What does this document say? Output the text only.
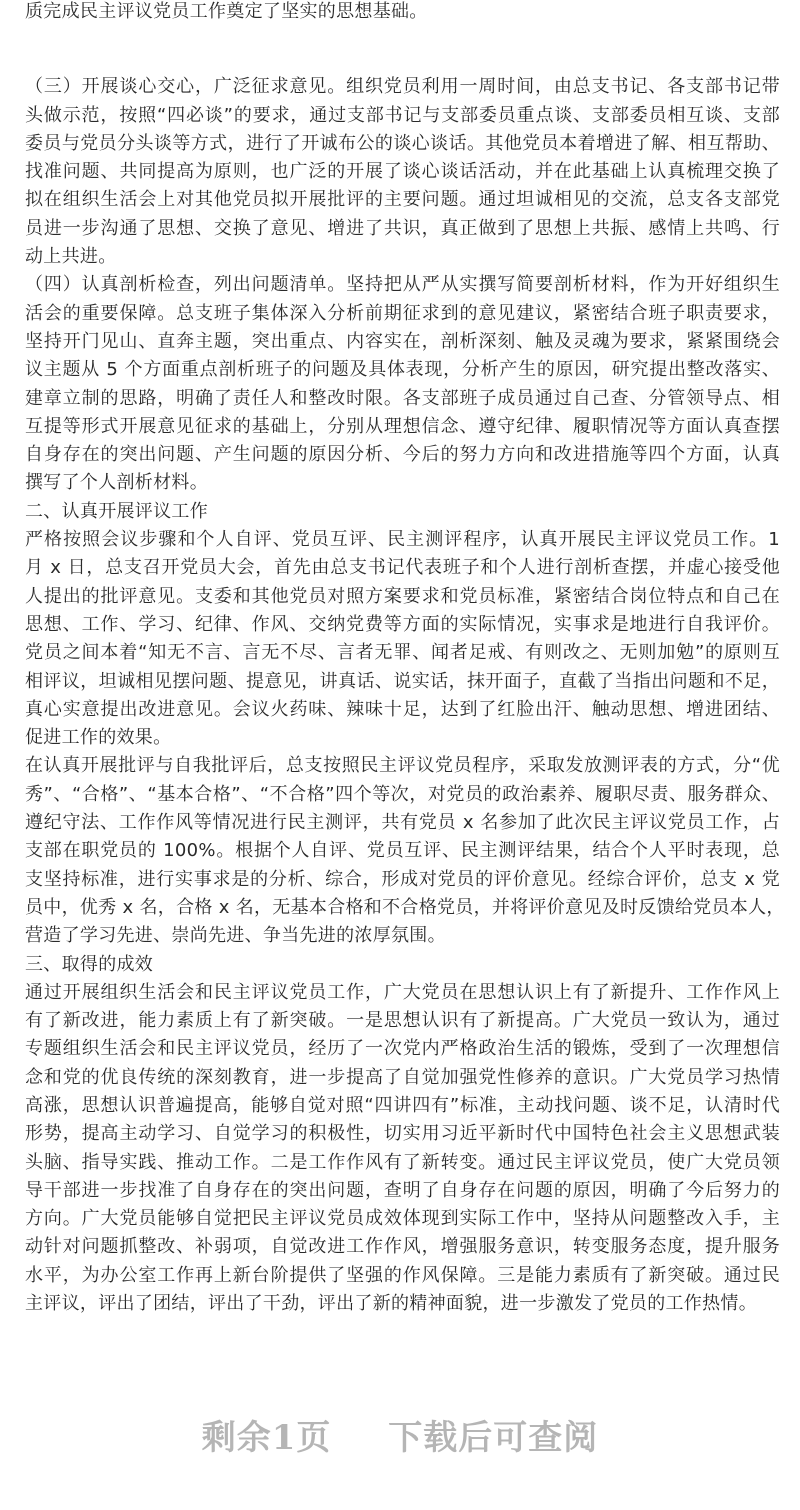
质完成民主评议党员工作奠定了坚实的思想基础。
（三）开展谈心交心，广泛征求意见。组织党员利用一周时间，由总支书记、各支部书记带
头做示范，按照“四必谈”的要求，通过支部书记与支部委员重点谈、支部委员相互谈、支部
委员与党员分头谈等方式，进行了开诚布公的谈心谈话。其他党员本着增进了解、相互帮助、
找准问题、共同提高为原则，也广泛的开展了谈心谈话活动，并在此基础上认真梳理交换了
拟在组织生活会上对其他党员拟开展批评的主要问题。通过坦诚相见的交流，总支各支部党
员进一步沟通了思想、交换了意见、增进了共识，真正做到了思想上共振、感情上共鸣、行
动上共进。
（四）认真剖析检查，列出问题清单。坚持把从严从实撰写简要剖析材料，作为开好组织生
活会的重要保障。总支班子集体深入分析前期征求到的意见建议，紧密结合班子职责要求，
坚持开门见山、直奔主题，突出重点、内容实在，剖析深刻、触及灵魂为要求，紧紧围绕会
议主题从 5 个方面重点剖析班子的问题及具体表现，分析产生的原因，研究提出整改落实、
建章立制的思路，明确了责任人和整改时限。各支部班子成员通过自己查、分管领导点、相
互提等形式开展意见征求的基础上，分别从理想信念、遵守纪律、履职情况等方面认真查摆
自身存在的突出问题、产生问题的原因分析、今后的努力方向和改进措施等四个方面，认真
撰写了个人剖析材料。
二、认真开展评议工作
严格按照会议步骤和个人自评、党员互评、民主测评程序，认真开展民主评议党员工作。1
月 x 日，总支召开党员大会，首先由总支书记代表班子和个人进行剖析查摆，并虚心接受他
人提出的批评意见。支委和其他党员对照方案要求和党员标准，紧密结合岗位特点和自己在
思想、工作、学习、纪律、作风、交纳党费等方面的实际情况，实事求是地进行自我评价。
党员之间本着“知无不言、言无不尽、言者无罪、闻者足戒、有则改之、无则加勉”的原则互
相评议，坦诚相见摆问题、提意见，讲真话、说实话，抹开面子，直截了当指出问题和不足，
真心实意提出改进意见。会议火药味、辣味十足，达到了红脸出汗、触动思想、增进团结、
促进工作的效果。
在认真开展批评与自我批评后，总支按照民主评议党员程序，采取发放测评表的方式，分“优
秀”、“合格”、“基本合格”、“不合格”四个等次，对党员的政治素养、履职尽责、服务群众、
遵纪守法、工作作风等情况进行民主测评，共有党员 x 名参加了此次民主评议党员工作，占
支部在职党员的 100%。根据个人自评、党员互评、民主测评结果，结合个人平时表现，总
支坚持标准，进行实事求是的分析、综合，形成对党员的评价意见。经综合评价，总支 x 党
员中，优秀 x 名，合格 x 名，无基本合格和不合格党员，并将评价意见及时反馈给党员本人，
营造了学习先进、崇尚先进、争当先进的浓厚氛围。
三、取得的成效
通过开展组织生活会和民主评议党员工作，广大党员在思想认识上有了新提升、工作作风上
有了新改进，能力素质上有了新突破。一是思想认识有了新提高。广大党员一致认为，通过
专题组织生活会和民主评议党员，经历了一次党内严格政治生活的锻炼，受到了一次理想信
念和党的优良传统的深刻教育，进一步提高了自觉加强党性修养的意识。广大党员学习热情
高涨，思想认识普遍提高，能够自觉对照“四讲四有”标准，主动找问题、谈不足，认清时代
形势，提高主动学习、自觉学习的积极性，切实用习近平新时代中国特色社会主义思想武装
头脑、指导实践、推动工作。二是工作作风有了新转变。通过民主评议党员，使广大党员领
导干部进一步找准了自身存在的突出问题，查明了自身存在问题的原因，明确了今后努力的
方向。广大党员能够自觉把民主评议党员成效体现到实际工作中，坚持从问题整改入手，主
动针对问题抓整改、补弱项，自觉改进工作作风，增强服务意识，转变服务态度，提升服务
水平，为办公室工作再上新台阶提供了坚强的作风保障。三是能力素质有了新突破。通过民
主评议，评出了团结，评出了干劲，评出了新的精神面貌，进一步激发了党员的工作热情。
剩余1页 下载后可查阅
